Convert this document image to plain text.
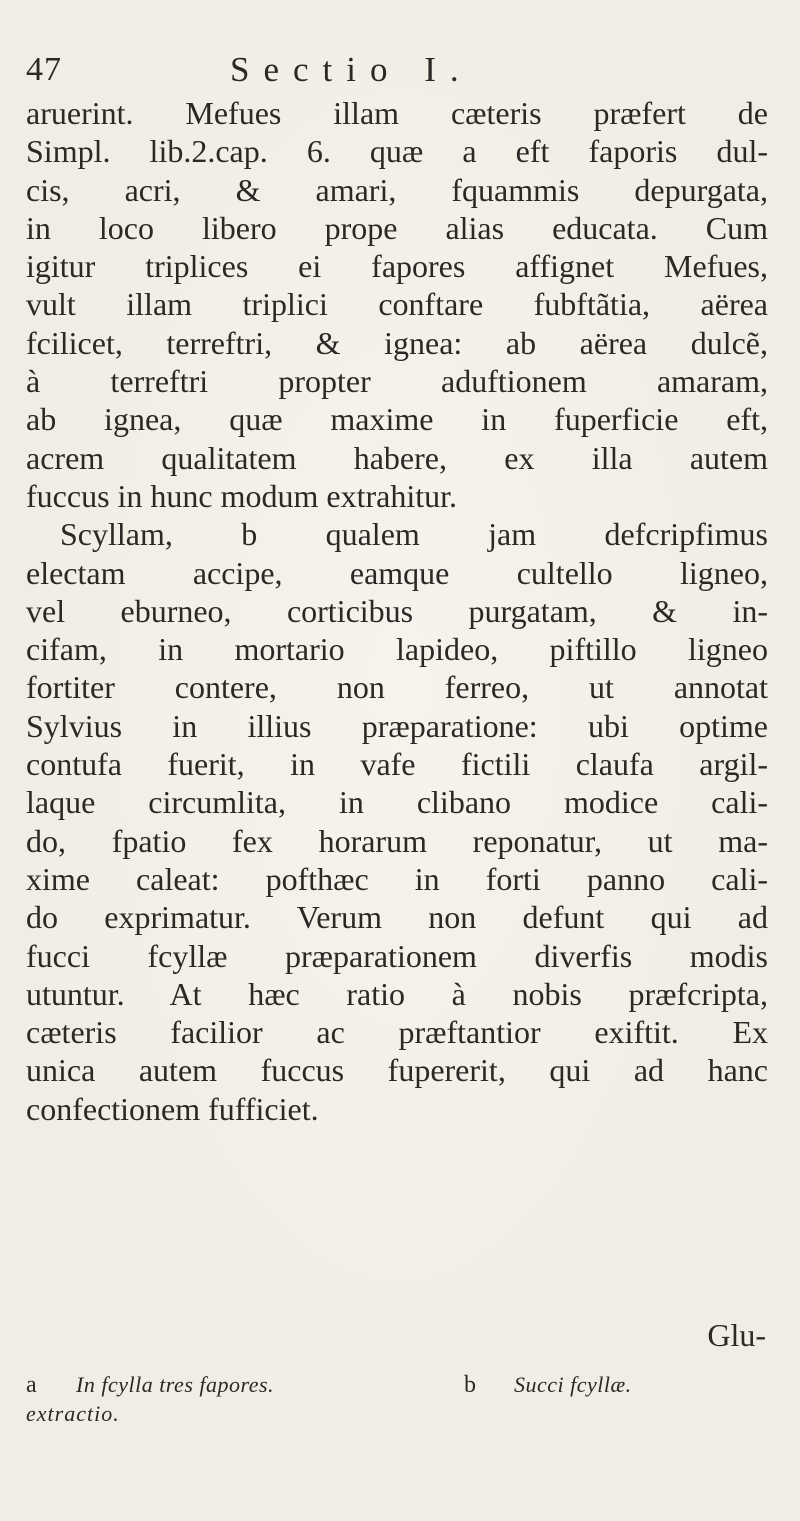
47	Sectio I.
aruerint. Mefues illam cæteris præfert de
Simpl. lib.2.cap. 6. quæ a eft faporis dul-
cis, acri, & amari, fquammis depurgata,
in loco libero prope alias educata. Cum
igitur triplices ei fapores affignet Mefues,
vult illam triplici conftare fubftãtia, aërea
fcilicet, terreftri, & ignea: ab aërea dulcẽ,
à terreftri propter aduftionem amaram,
ab ignea, quæ maxime in fuperficie eft,
acrem qualitatem habere, ex illa autem
fuccus in hunc modum extrahitur.
Scyllam, b qualem jam defcripfimus
electam accipe, eamque cultello ligneo,
vel eburneo, corticibus purgatam, & in-
cifam, in mortario lapideo, piftillo ligneo
fortiter contere, non ferreo, ut annotat
Sylvius in illius præparatione: ubi optime
contufa fuerit, in vafe fictili claufa argil-
laque circumlita, in clibano modice cali-
do, fpatio fex horarum reponatur, ut ma-
xime caleat: pofthæc in forti panno cali-
do exprimatur. Verum non defunt qui ad
fucci fcyllæ præparationem diverfis modis
utuntur. At hæc ratio à nobis præfcripta,
cæteris facilior ac præftantior exiftit. Ex
unica autem fuccus fupererit, qui ad hanc
confectionem fufficiet.
Glu-
a In fcylla tres fapores.
extractio.
b Succi fcyllæ.
